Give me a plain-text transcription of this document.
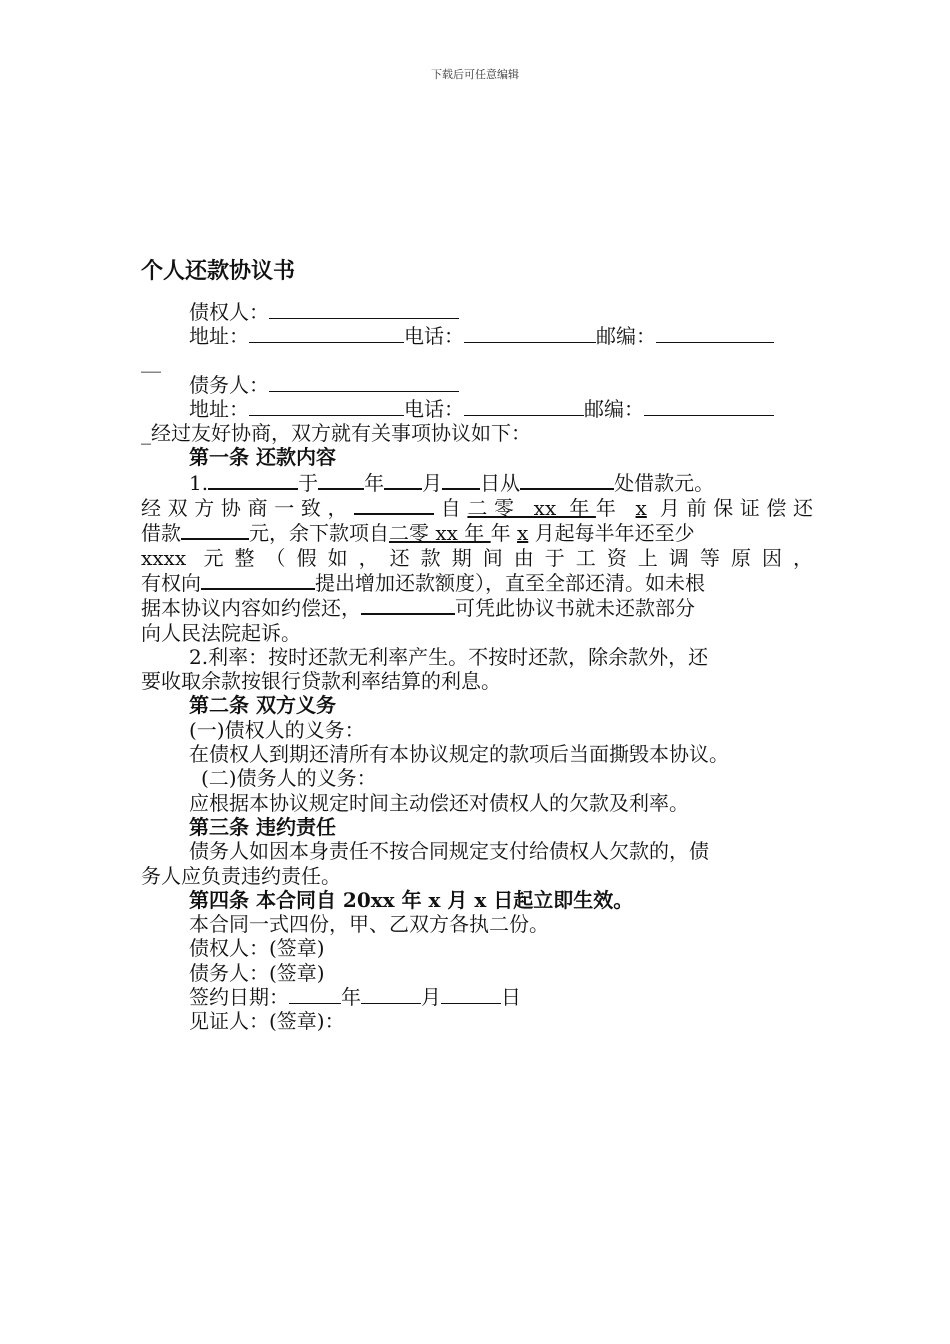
下载后可任意编辑
个人还款协议书

债权人：

地址：	电话：	邮编：

__

债务人：

地址：	电话：	邮编：

_经过友好协商，双方就有关事项协议如下：

第一条 还款内容

1.	于 年 月 日从	处借款元。

经双方协商一致，	自二零 xx 年年 x 月前保证偿还

借款	元，余下款项自二零 xx 年 年 x 月起每半年还至少

xxxx 元整（假如，还款期间由于工资上调等原因，

有权向	提出增加还款额度），直至全部还清。如未根

据本协议内容如约偿还，	可凭此协议书就未还款部分

向人民法院起诉。

2.利率：按时还款无利率产生。不按时还款，除余款外，还

要收取余款按银行贷款利率结算的利息。

第二条 双方义务

(一)债权人的义务：

在债权人到期还清所有本协议规定的款项后当面撕毁本协议。

(二)债务人的义务：

应根据本协议规定时间主动偿还对债权人的欠款及利率。

第三条 违约责任

债务人如因本身责任不按合同规定支付给债权人欠款的，债

务人应负责违约责任。

第四条 本合同自 20xx 年 x 月 x 日起立即生效。

本合同一式四份，甲、乙双方各执二份。

债权人：(签章)

债务人：(签章)

签约日期：	年	月	日

见证人：(签章)：
